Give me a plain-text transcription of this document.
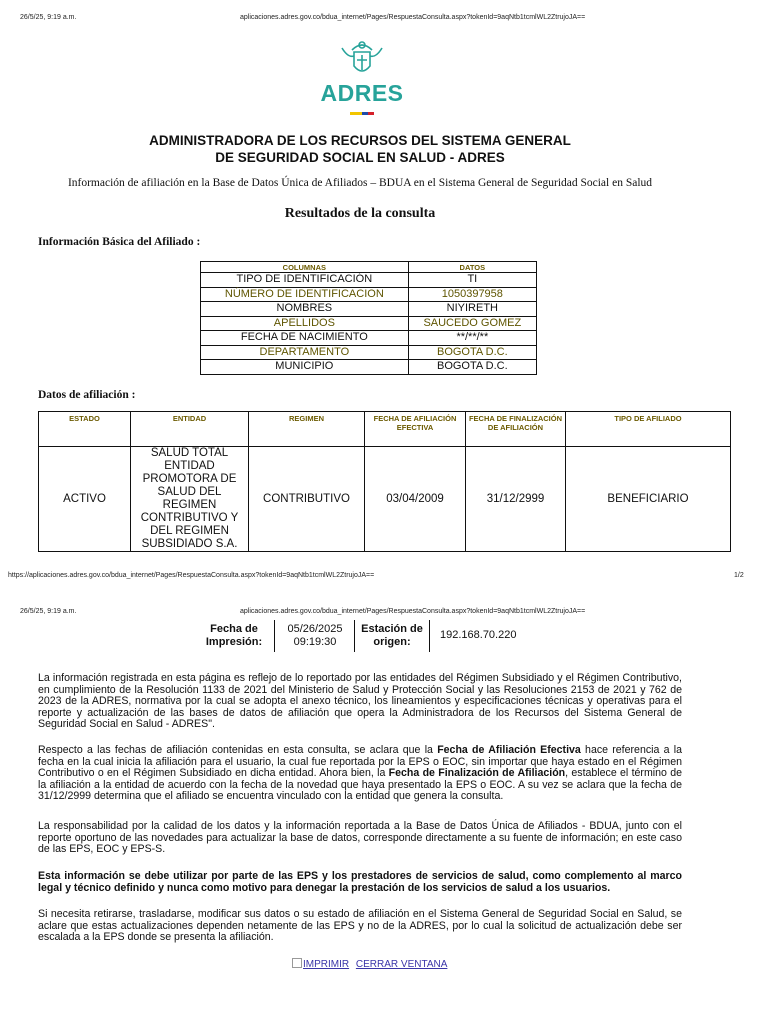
26/5/25, 9:19 a.m.	aplicaciones.adres.gov.co/bdua_internet/Pages/RespuestaConsulta.aspx?tokenId=9aqNtb1tcmlWL2ZtrujoJA==
ADRES
ADMINISTRADORA DE LOS RECURSOS DEL SISTEMA GENERAL
DE SEGURIDAD SOCIAL EN SALUD - ADRES
Información de afiliación en la Base de Datos Única de Afiliados – BDUA en el Sistema General de Seguridad Social en Salud
Resultados de la consulta
Información Básica del Afiliado :
COLUMNAS	DATOS
TIPO DE IDENTIFICACIÓN	TI
NÚMERO DE IDENTIFICACION	1050397958
NOMBRES	NIYIRETH
APELLIDOS	SAUCEDO GOMEZ
FECHA DE NACIMIENTO	**/**/**
DEPARTAMENTO	BOGOTA D.C.
MUNICIPIO	BOGOTA D.C.
Datos de afiliación :
ESTADO	ENTIDAD	REGIMEN	FECHA DE AFILIACIÓN EFECTIVA	FECHA DE FINALIZACIÓN DE AFILIACIÓN	TIPO DE AFILIADO
ACTIVO	SALUD TOTAL ENTIDAD PROMOTORA DE SALUD DEL REGIMEN CONTRIBUTIVO Y DEL REGIMEN SUBSIDIADO S.A.	CONTRIBUTIVO	03/04/2009	31/12/2999	BENEFICIARIO
https://aplicaciones.adres.gov.co/bdua_internet/Pages/RespuestaConsulta.aspx?tokenId=9aqNtb1tcmlWL2ZtrujoJA==	1/2
26/5/25, 9:19 a.m.	aplicaciones.adres.gov.co/bdua_internet/Pages/RespuestaConsulta.aspx?tokenId=9aqNtb1tcmlWL2ZtrujoJA==
Fecha de Impresión:
05/26/2025 09:19:30
Estación de origen:
192.168.70.220
La información registrada en esta página es reflejo de lo reportado por las entidades del Régimen Subsidiado y el Régimen Contributivo, en cumplimiento de la Resolución 1133 de 2021 del Ministerio de Salud y Protección Social y las Resoluciones 2153 de 2021 y 762 de 2023 de la ADRES, normativa por la cual se adopta el anexo técnico, los lineamientos y especificaciones técnicas y operativas para el reporte y actualización de las bases de datos de afiliación que opera la Administradora de los Recursos del Sistema General de Seguridad Social en Salud - ADRES".
Respecto a las fechas de afiliación contenidas en esta consulta, se aclara que la Fecha de Afiliación Efectiva hace referencia a la fecha en la cual inicia la afiliación para el usuario, la cual fue reportada por la EPS o EOC, sin importar que haya estado en el Régimen Contributivo o en el Régimen Subsidiado en dicha entidad. Ahora bien, la Fecha de Finalización de Afiliación, establece el término de la afiliación a la entidad de acuerdo con la fecha de la novedad que haya presentado la EPS o EOC. A su vez se aclara que la fecha de 31/12/2999 determina que el afiliado se encuentra vinculado con la entidad que genera la consulta.
La responsabilidad por la calidad de los datos y la información reportada a la Base de Datos Única de Afiliados - BDUA, junto con el reporte oportuno de las novedades para actualizar la base de datos, corresponde directamente a su fuente de información; en este caso de las EPS, EOC y EPS-S.
Esta información se debe utilizar por parte de las EPS y los prestadores de servicios de salud, como complemento al marco legal y técnico definido y nunca como motivo para denegar la prestación de los servicios de salud a los usuarios.
Si necesita retirarse, trasladarse, modificar sus datos o su estado de afiliación en el Sistema General de Seguridad Social en Salud, se aclare que estas actualizaciones dependen netamente de las EPS y no de la ADRES, por lo cual la solicitud de actualización debe ser escalada a la EPS donde se presenta la afiliación.
IMPRIMIR CERRAR VENTANA
